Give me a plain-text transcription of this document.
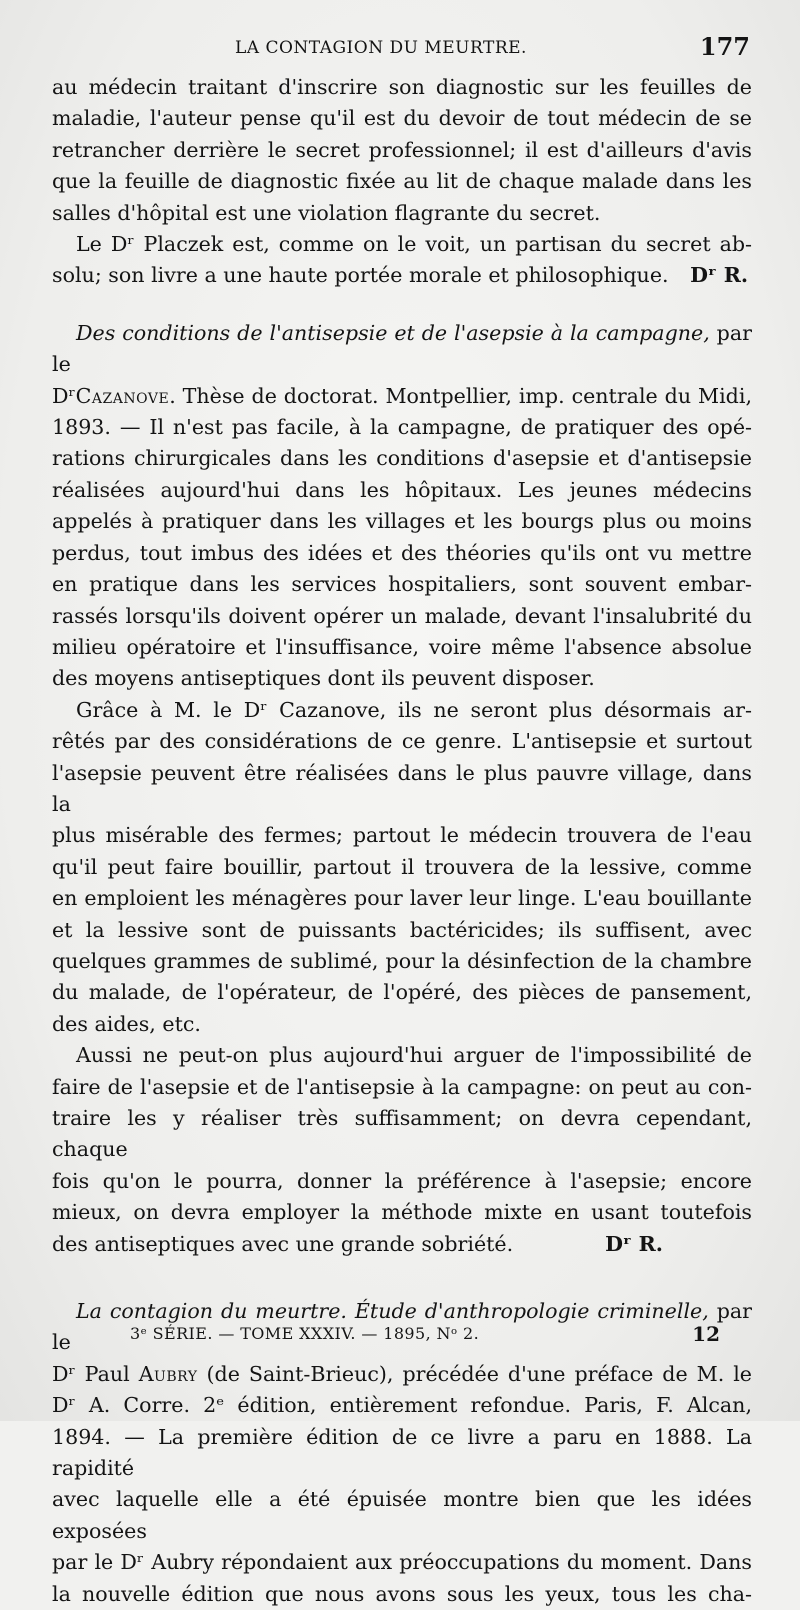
LA CONTAGION DU MEURTRE.	177

au médecin traitant d'inscrire son diagnostic sur les feuilles de

maladie, l'auteur pense qu'il est du devoir de tout médecin de se

retrancher derrière le secret professionnel; il est d'ailleurs d'avis

que la feuille de diagnostic fixée au lit de chaque malade dans les

salles d'hôpital est une violation flagrante du secret.

Le Dʳ Placzek est, comme on le voit, un partisan du secret ab-

solu; son livre a une haute portée morale et philosophique. Dʳ R.

Des conditions de l'antisepsie et de l'asepsie à la campagne, par le

DʳCazanove. Thèse de doctorat. Montpellier, imp. centrale du Midi,

1893. — Il n'est pas facile, à la campagne, de pratiquer des opé-

rations chirurgicales dans les conditions d'asepsie et d'antisepsie

réalisées aujourd'hui dans les hôpitaux. Les jeunes médecins

appelés à pratiquer dans les villages et les bourgs plus ou moins

perdus, tout imbus des idées et des théories qu'ils ont vu mettre

en pratique dans les services hospitaliers, sont souvent embar-

rassés lorsqu'ils doivent opérer un malade, devant l'insalubrité du

milieu opératoire et l'insuffisance, voire même l'absence absolue

des moyens antiseptiques dont ils peuvent disposer.

Grâce à M. le Dʳ Cazanove, ils ne seront plus désormais ar-

rêtés par des considérations de ce genre. L'antisepsie et surtout

l'asepsie peuvent être réalisées dans le plus pauvre village, dans la

plus misérable des fermes; partout le médecin trouvera de l'eau

qu'il peut faire bouillir, partout il trouvera de la lessive, comme

en emploient les ménagères pour laver leur linge. L'eau bouillante

et la lessive sont de puissants bactéricides; ils suffisent, avec

quelques grammes de sublimé, pour la désinfection de la chambre

du malade, de l'opérateur, de l'opéré, des pièces de pansement,

des aides, etc.

Aussi ne peut-on plus aujourd'hui arguer de l'impossibilité de

faire de l'asepsie et de l'antisepsie à la campagne: on peut au con-

traire les y réaliser très suffisamment; on devra cependant, chaque

fois qu'on le pourra, donner la préférence à l'asepsie; encore

mieux, on devra employer la méthode mixte en usant toutefois

des antiseptiques avec une grande sobriété.	Dʳ R.

La contagion du meurtre. Étude d'anthropologie criminelle, par le

Dʳ Paul Aubry (de Saint-Brieuc), précédée d'une préface de M. le

Dʳ A. Corre. 2ᵉ édition, entièrement refondue. Paris, F. Alcan,

1894. — La première édition de ce livre a paru en 1888. La rapidité

avec laquelle elle a été épuisée montre bien que les idées exposées

par le Dʳ Aubry répondaient aux préoccupations du moment. Dans

la nouvelle édition que nous avons sous les yeux, tous les cha-

3ᵉ SÉRIE. — TOME XXXIV. — 1895, Nᵒ 2.	12
